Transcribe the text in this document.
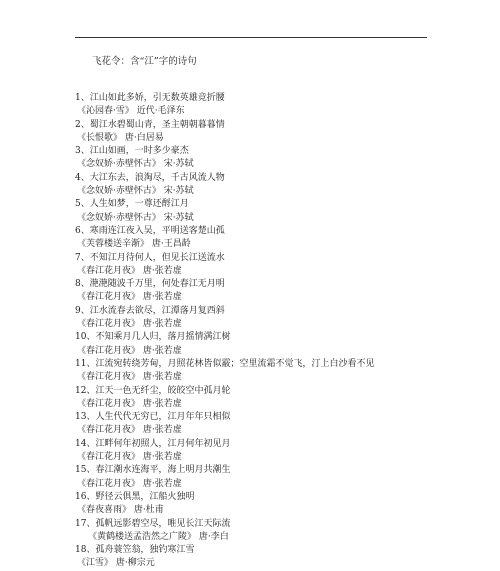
飞花令：含“江”字的诗句
1、江山如此多娇，引无数英雄竞折腰
《沁园春·雪》 近代·毛泽东
2、蜀江水碧蜀山青，圣主朝朝暮暮情
《长恨歌》 唐·白居易
3、江山如画，一时多少豪杰
《念奴娇·赤壁怀古》 宋·苏轼
4、大江东去，浪淘尽，千古风流人物
《念奴娇·赤壁怀古》 宋·苏轼
5、人生如梦，一尊还酹江月
《念奴娇·赤壁怀古》 宋·苏轼
6、寒雨连江夜入吴，平明送客楚山孤
《芙蓉楼送辛渐》 唐·王昌龄
7、不知江月待何人，但见长江送流水
《春江花月夜》 唐·张若虚
8、滟滟随波千万里，何处春江无月明
《春江花月夜》 唐·张若虚
9、江水流春去欲尽，江潭落月复西斜
《春江花月夜》 唐·张若虚
10、不知乘月几人归，落月摇情满江树
《春江花月夜》 唐·张若虚
11、江流宛转绕芳甸，月照花林皆似霰；空里流霜不觉飞，汀上白沙看不见
《春江花月夜》 唐·张若虚
12、江天一色无纤尘，皎皎空中孤月轮
《春江花月夜》 唐·张若虚
13、人生代代无穷已，江月年年只相似
《春江花月夜》 唐·张若虚
14、江畔何年初照人，江月何年初见月
《春江花月夜》 唐·张若虚
15、春江潮水连海平，海上明月共潮生
《春江花月夜》 唐·张若虚
16、野径云俱黑，江船火独明
《春夜喜雨》 唐·杜甫
17、孤帆远影碧空尽，唯见长江天际流
《黄鹤楼送孟浩然之广陵》 唐·李白
18、孤舟蓑笠翁，独钓寒江雪
《江雪》 唐·柳宗元
